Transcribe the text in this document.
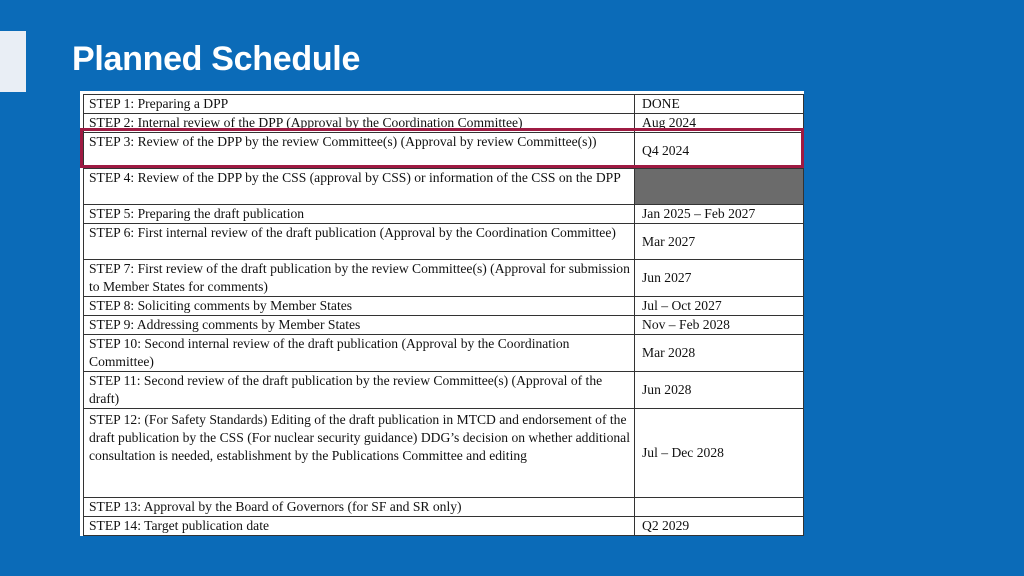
Planned Schedule
STEP 1: Preparing a DPP	DONE
STEP 2: Internal review of the DPP (Approval by the Coordination Committee)	Aug 2024
STEP 3: Review of the DPP by the review Committee(s) (Approval by review Committee(s))	Q4 2024
STEP 4: Review of the DPP by the CSS (approval by CSS) or information of the CSS on the DPP	
STEP 5: Preparing the draft publication	Jan 2025 – Feb 2027
STEP 6: First internal review of the draft publication (Approval by the Coordination Committee)	Mar 2027
STEP 7: First review of the draft publication by the review Committee(s) (Approval for submission to Member States for comments)	Jun 2027
STEP 8: Soliciting comments by Member States	Jul – Oct 2027
STEP 9: Addressing comments by Member States	Nov – Feb 2028
STEP 10: Second internal review of the draft publication (Approval by the Coordination Committee)	Mar 2028
STEP 11: Second review of the draft publication by the review Committee(s) (Approval of the draft)	Jun 2028
STEP 12: (For Safety Standards) Editing of the draft publication in MTCD and endorsement of the draft publication by the CSS (For nuclear security guidance) DDG’s decision on whether additional consultation is needed, establishment by the Publications Committee and editing	Jul – Dec 2028
STEP 13: Approval by the Board of Governors (for SF and SR only)	
STEP 14: Target publication date	Q2 2029
